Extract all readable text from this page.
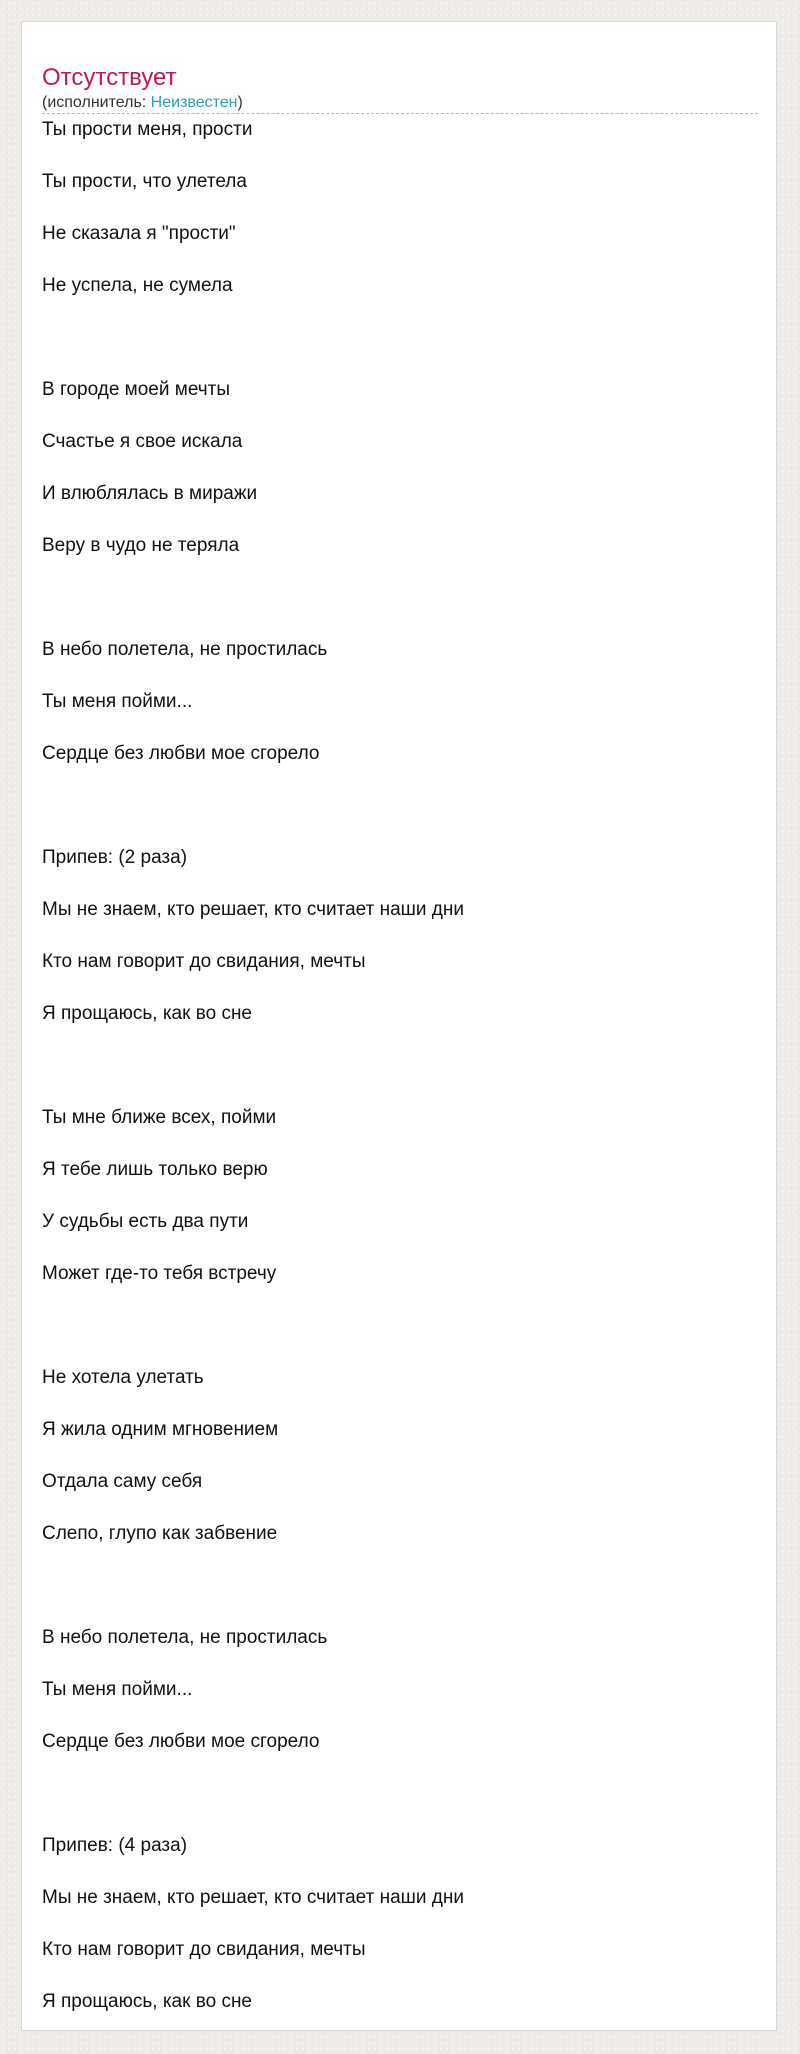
Отсутствует
(исполнитель: Неизвестен)
Ты прости меня, прости
Ты прости, что улетела
Не сказала я "прости"
Не успела, не сумела
В городе моей мечты
Счастье я свое искала
И влюблялась в миражи
Веру в чудо не теряла
В небо полетела, не простилась
Ты меня пойми...
Сердце без любви мое сгорело
Припев: (2 раза)
Мы не знаем, кто решает, кто считает наши дни
Кто нам говорит до свидания, мечты
Я прощаюсь, как во сне
Ты мне ближе всех, пойми
Я тебе лишь только верю
У судьбы есть два пути
Может где-то тебя встречу
Не хотела улетать
Я жила одним мгновением
Отдала саму себя
Слепо, глупо как забвение
В небо полетела, не простилась
Ты меня пойми...
Сердце без любви мое сгорело
Припев: (4 раза)
Мы не знаем, кто решает, кто считает наши дни
Кто нам говорит до свидания, мечты
Я прощаюсь, как во сне
